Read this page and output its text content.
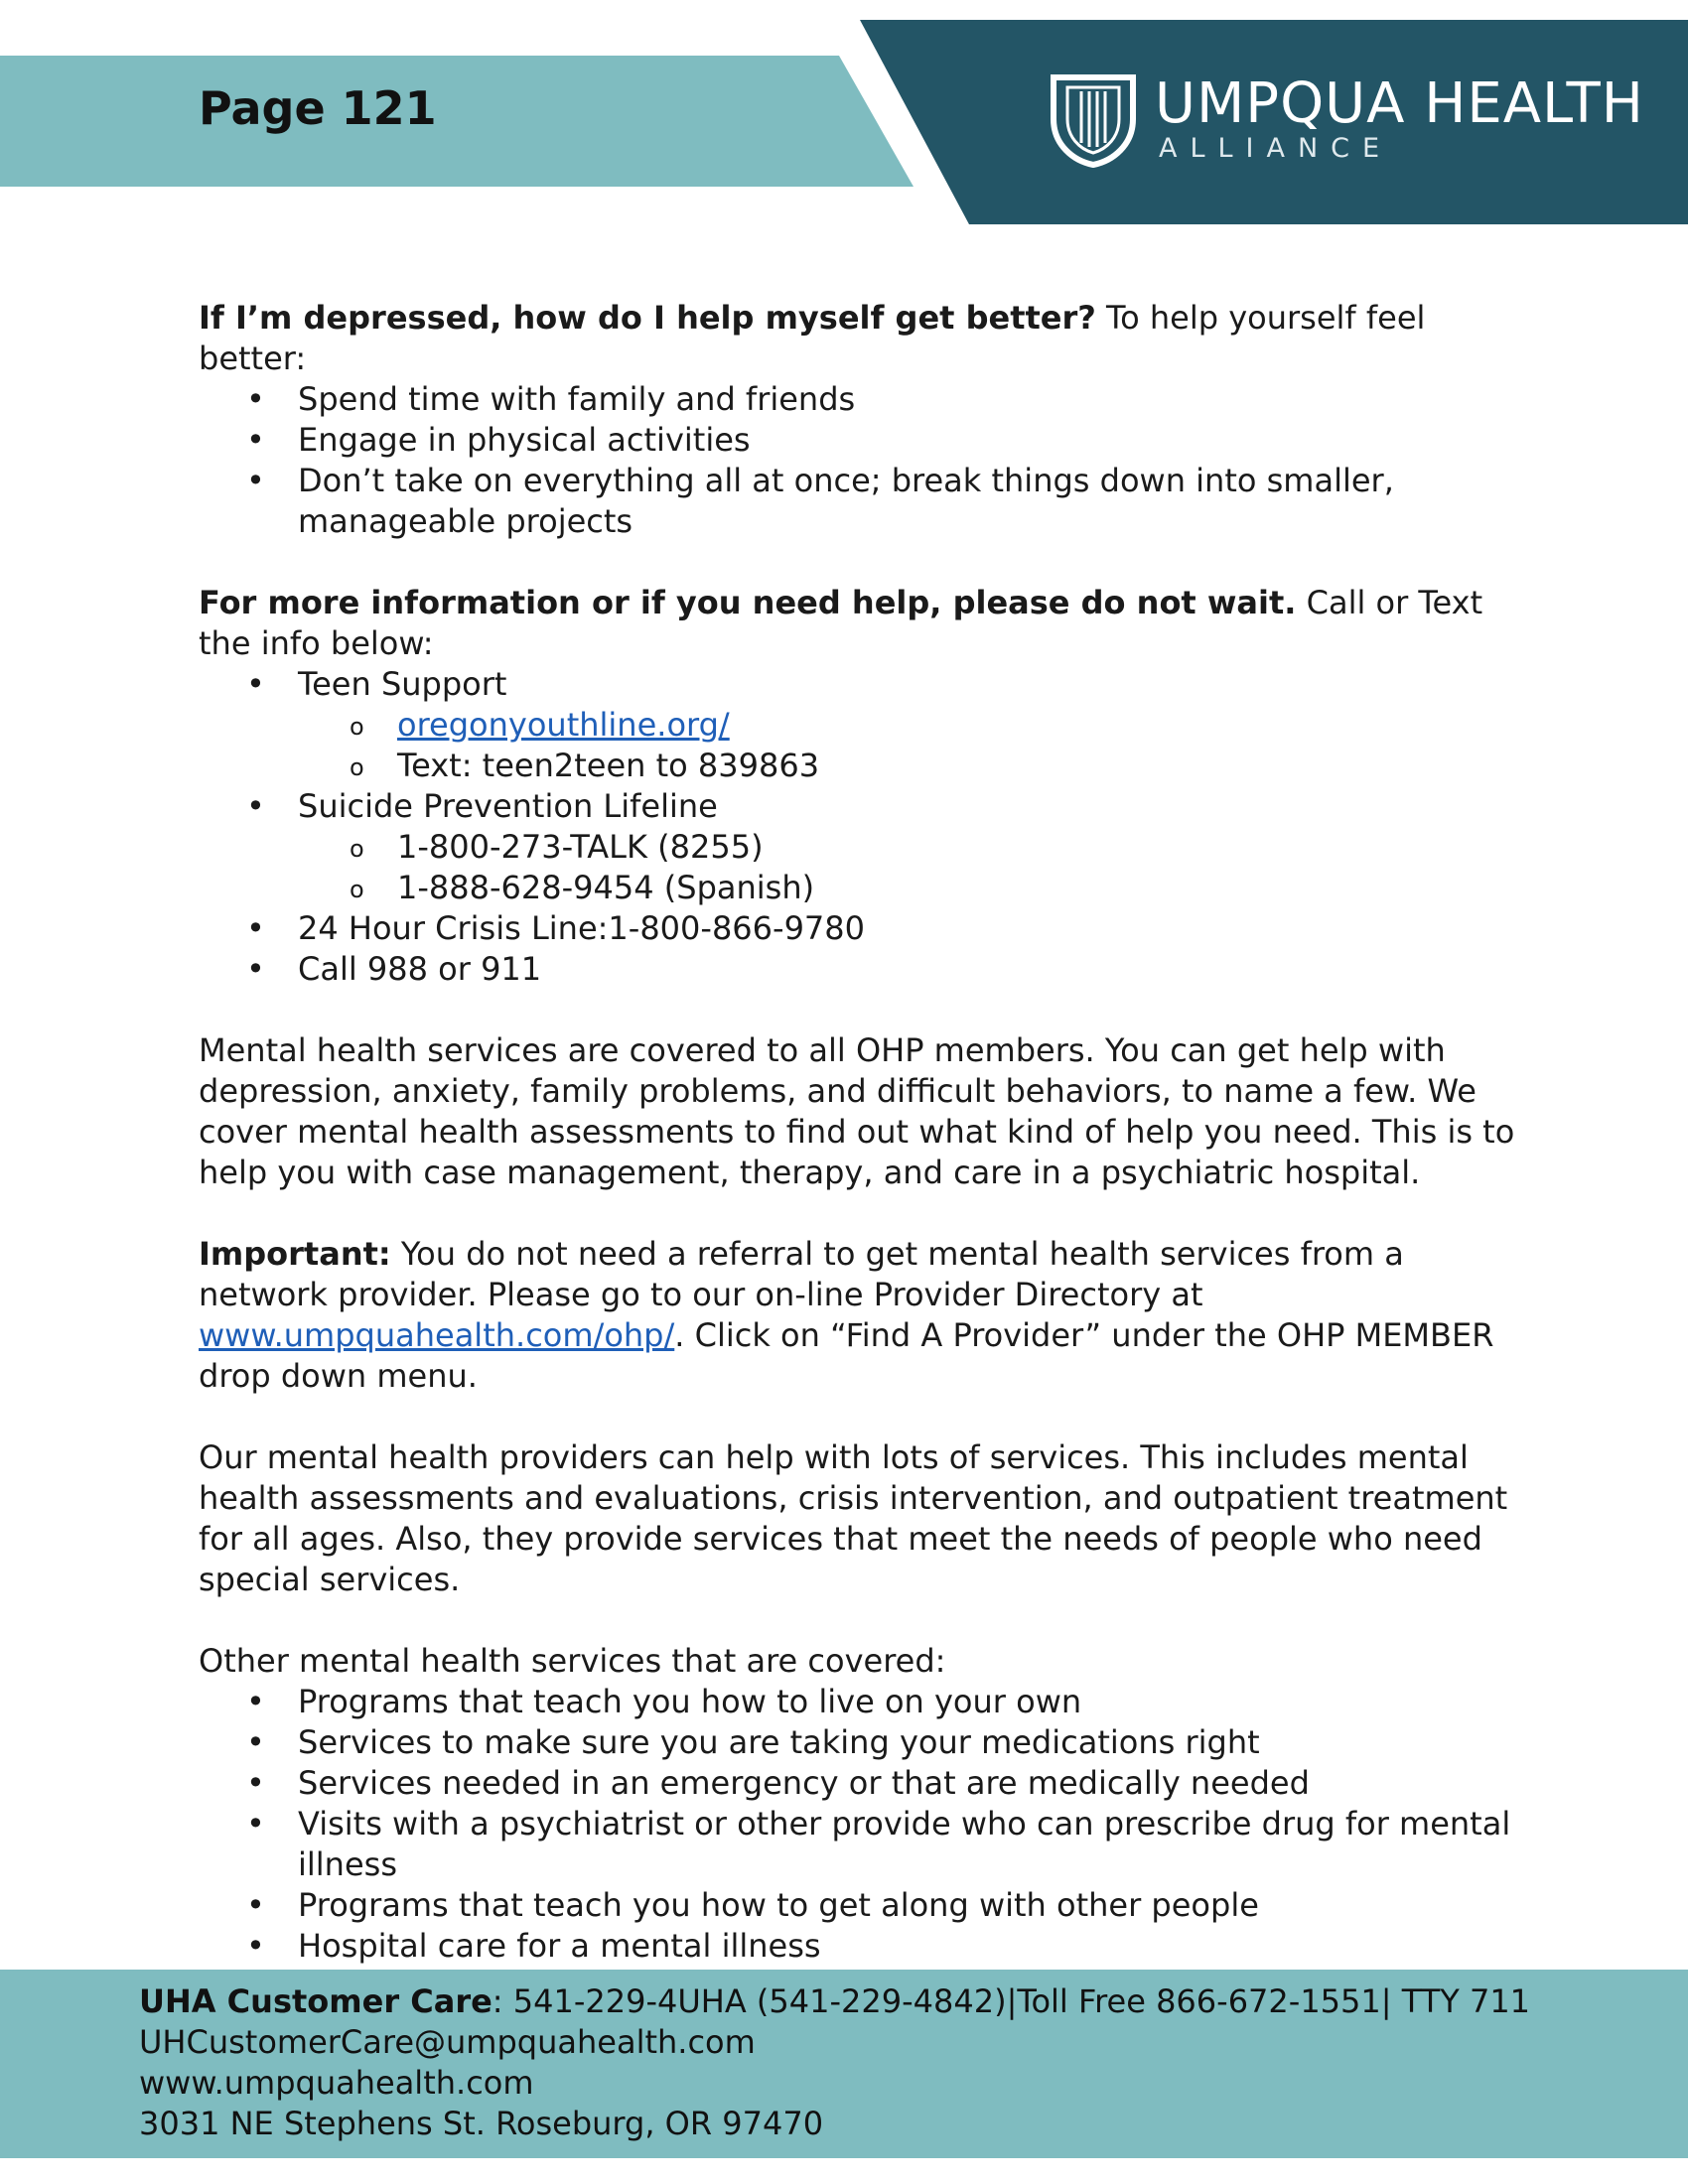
Page 121	UMPQUA HEALTH
ALLIANCE

If I’m depressed, how do I help myself get better? To help yourself feel better:

• Spend time with family and friends
• Engage in physical activities
• Don’t take on everything all at once; break things down into smaller, manageable projects

For more information or if you need help, please do not wait. Call or Text the info below:

• Teen Support
o oregonyouthline.org/
o Text: teen2teen to 839863
• Suicide Prevention Lifeline
o 1-800-273-TALK (8255)
o 1-888-628-9454 (Spanish)
• 24 Hour Crisis Line:1-800-866-9780
• Call 988 or 911

Mental health services are covered to all OHP members. You can get help with depression, anxiety, family problems, and difficult behaviors, to name a few. We cover mental health assessments to find out what kind of help you need. This is to help you with case management, therapy, and care in a psychiatric hospital.

Important: You do not need a referral to get mental health services from a network provider. Please go to our on-line Provider Directory at www.umpquahealth.com/ohp/. Click on “Find A Provider” under the OHP MEMBER drop down menu.

Our mental health providers can help with lots of services. This includes mental health assessments and evaluations, crisis intervention, and outpatient treatment for all ages. Also, they provide services that meet the needs of people who need special services.

Other mental health services that are covered:

• Programs that teach you how to live on your own
• Services to make sure you are taking your medications right
• Services needed in an emergency or that are medically needed
• Visits with a psychiatrist or other provide who can prescribe drug for mental illness
• Programs that teach you how to get along with other people
• Hospital care for a mental illness
UHA Customer Care: 541-229-4UHA (541-229-4842)|Toll Free 866-672-1551| TTY 711
UHCustomerCare@umpquahealth.com
www.umpquahealth.com
3031 NE Stephens St. Roseburg, OR 97470
